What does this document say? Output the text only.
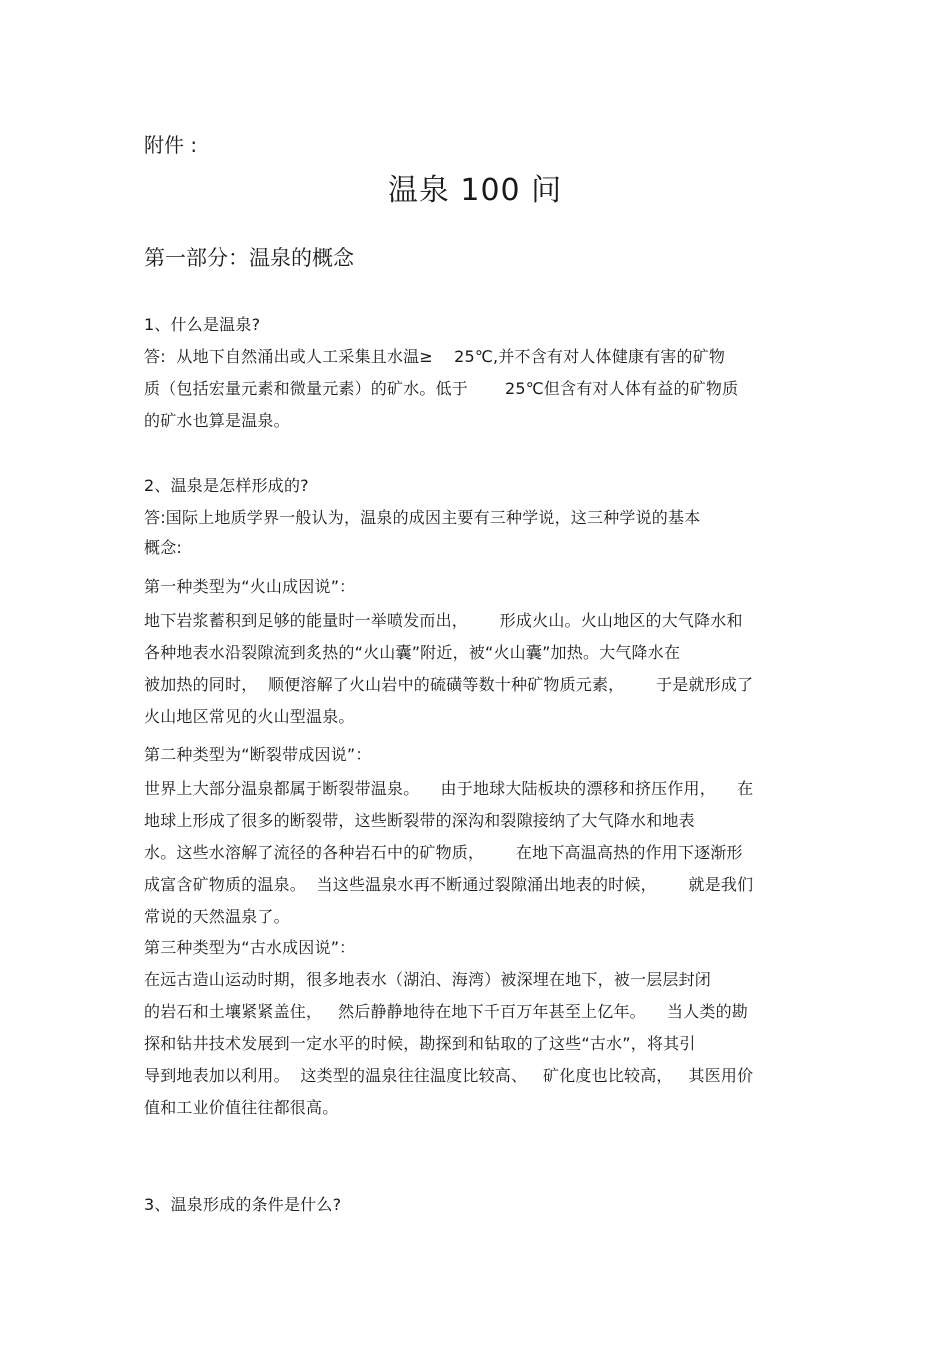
附件 :
温泉 100 问
第一部分：温泉的概念
1、什么是温泉?
答:  从地下自然涌出或人工采集且水温≥    25℃,并不含有对人体健康有害的矿物
质（包括宏量元素和微量元素）的矿水。低于       25℃但含有对人体有益的矿物质
的矿水也算是温泉。
2、温泉是怎样形成的?
答:国际上地质学界一般认为，温泉的成因主要有三种学说，这三种学说的基本
概念:
第一种类型为“火山成因说”：
地下岩浆蓄积到足够的能量时一举喷发而出，      形成火山。火山地区的大气降水和
各种地表水沿裂隙流到炙热的“火山囊”附近，被“火山囊”加热。大气降水在
被加热的同时，  顺便溶解了火山岩中的硫磺等数十种矿物质元素，      于是就形成了
火山地区常见的火山型温泉。
第二种类型为“断裂带成因说”：
世界上大部分温泉都属于断裂带温泉。    由于地球大陆板块的漂移和挤压作用，    在
地球上形成了很多的断裂带，这些断裂带的深沟和裂隙接纳了大气降水和地表
水。这些水溶解了流径的各种岩石中的矿物质，      在地下高温高热的作用下逐渐形
成富含矿物质的温泉。  当这些温泉水再不断通过裂隙涌出地表的时候，      就是我们
常说的天然温泉了。
第三种类型为“古水成因说”：
在远古造山运动时期，很多地表水（湖泊、海湾）被深埋在地下，被一层层封闭
的岩石和土壤紧紧盖住，   然后静静地待在地下千百万年甚至上亿年。    当人类的勘
探和钻井技术发展到一定水平的时候，勘探到和钻取的了这些“古水”，将其引
导到地表加以利用。  这类型的温泉往往温度比较高、   矿化度也比较高，   其医用价
值和工业价值往往都很高。
3、温泉形成的条件是什么?
